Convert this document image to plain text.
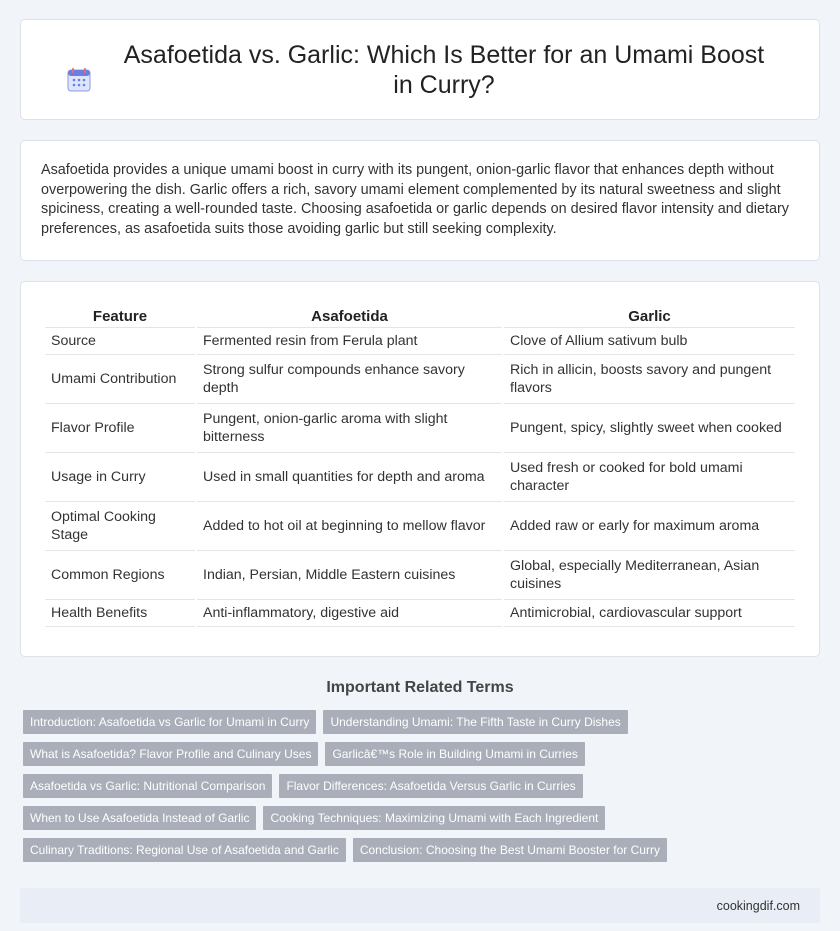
Asafoetida vs. Garlic: Which Is Better for an Umami Boost in Curry?

Asafoetida provides a unique umami boost in curry with its pungent, onion-garlic flavor that enhances depth without overpowering the dish. Garlic offers a rich, savory umami element complemented by its natural sweetness and slight spiciness, creating a well-rounded taste. Choosing asafoetida or garlic depends on desired flavor intensity and dietary preferences, as asafoetida suits those avoiding garlic but still seeking complexity.

Feature	Asafoetida	Garlic
Source	Fermented resin from Ferula plant	Clove of Allium sativum bulb
Umami Contribution	Strong sulfur compounds enhance savory depth	Rich in allicin, boosts savory and pungent flavors
Flavor Profile	Pungent, onion-garlic aroma with slight bitterness	Pungent, spicy, slightly sweet when cooked
Usage in Curry	Used in small quantities for depth and aroma	Used fresh or cooked for bold umami character
Optimal Cooking Stage	Added to hot oil at beginning to mellow flavor	Added raw or early for maximum aroma
Common Regions	Indian, Persian, Middle Eastern cuisines	Global, especially Mediterranean, Asian cuisines
Health Benefits	Anti-inflammatory, digestive aid	Antimicrobial, cardiovascular support
Important Related Terms
Introduction: Asafoetida vs Garlic for Umami in Curry	Understanding Umami: The Fifth Taste in Curry Dishes
What is Asafoetida? Flavor Profile and Culinary Uses	Garlicâ€™s Role in Building Umami in Curries
Asafoetida vs Garlic: Nutritional Comparison	Flavor Differences: Asafoetida Versus Garlic in Curries
When to Use Asafoetida Instead of Garlic	Cooking Techniques: Maximizing Umami with Each Ingredient
Culinary Traditions: Regional Use of Asafoetida and Garlic	Conclusion: Choosing the Best Umami Booster for Curry
cookingdif.com
